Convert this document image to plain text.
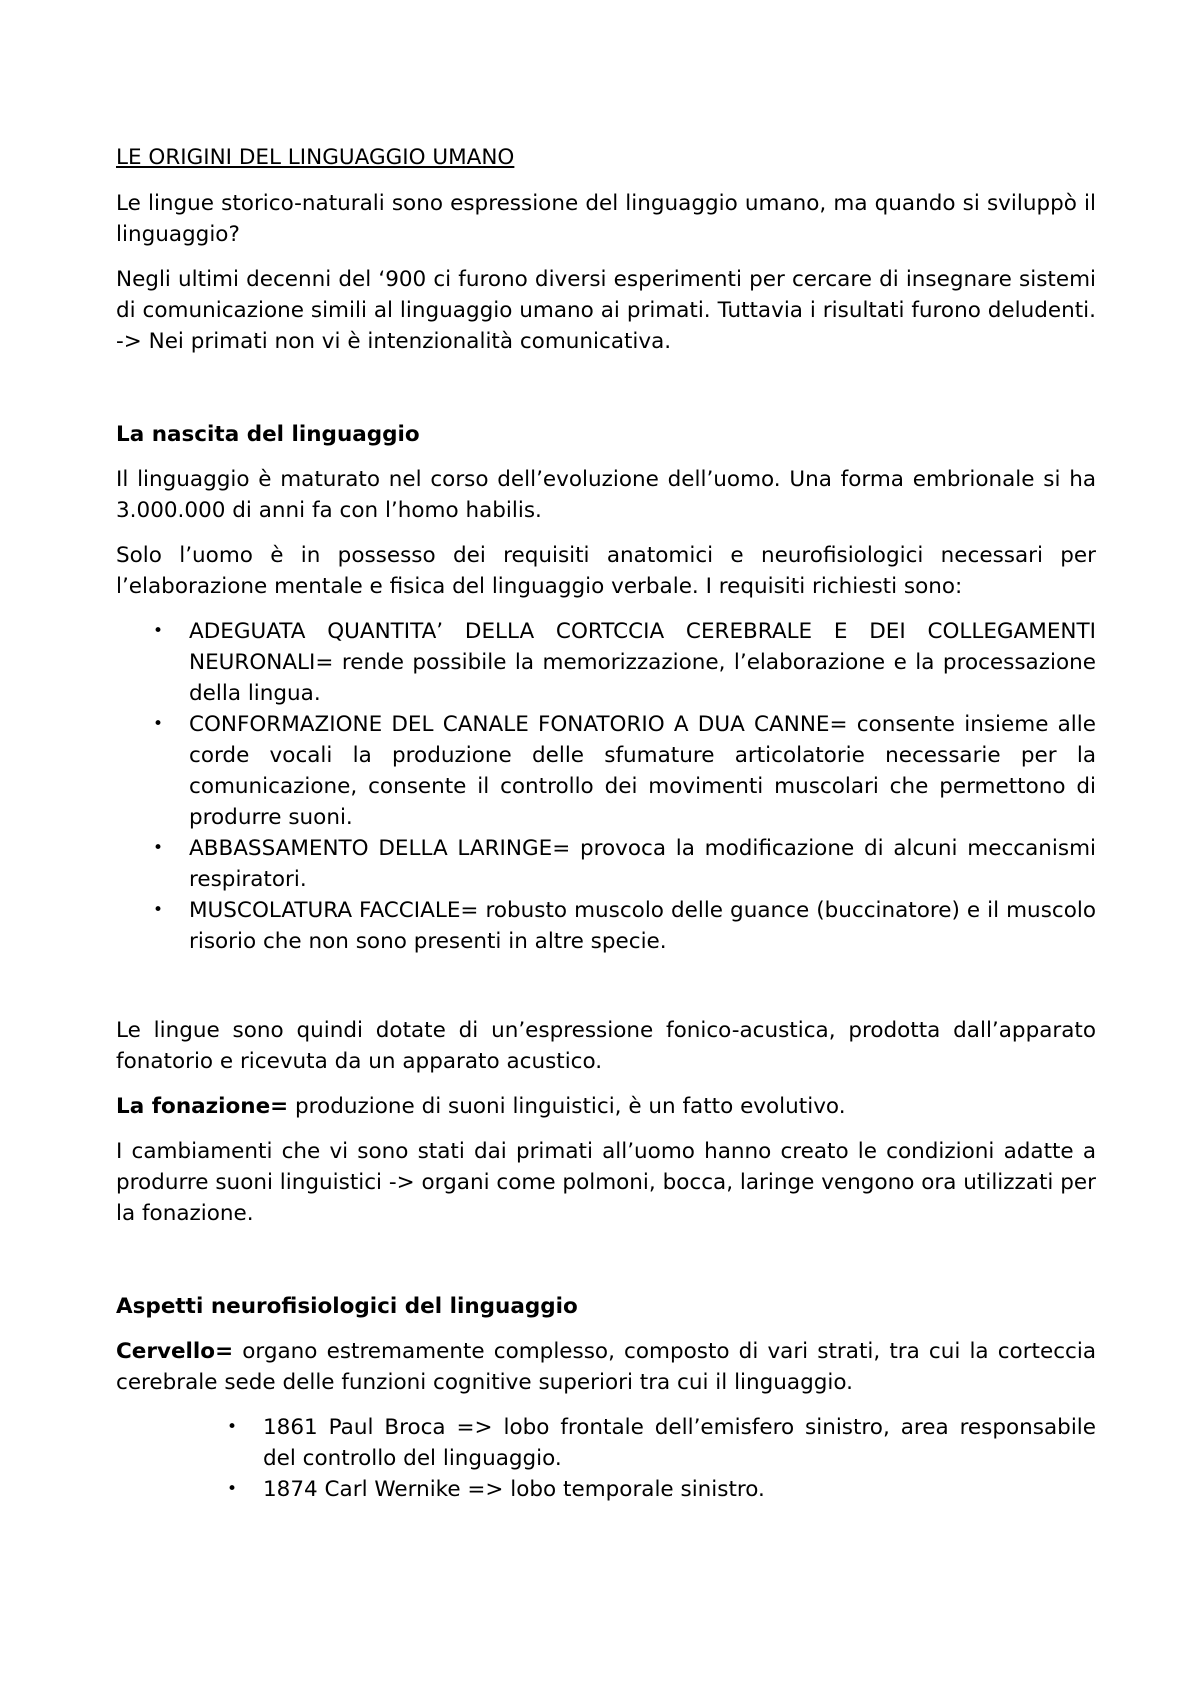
LE ORIGINI DEL LINGUAGGIO UMANO

Le lingue storico-naturali sono espressione del linguaggio umano, ma quando si sviluppò il linguaggio?

Negli ultimi decenni del ‘900 ci furono diversi esperimenti per cercare di insegnare sistemi di comunicazione simili al linguaggio umano ai primati. Tuttavia i risultati furono deludenti. -> Nei primati non vi è intenzionalità comunicativa.

La nascita del linguaggio

Il linguaggio è maturato nel corso dell’evoluzione dell’uomo. Una forma embrionale si ha 3.000.000 di anni fa con l’homo habilis.

Solo l’uomo è in possesso dei requisiti anatomici e neurofisiologici necessari per l’elaborazione mentale e fisica del linguaggio verbale. I requisiti richiesti sono:

• ADEGUATA QUANTITA’ DELLA CORTCCIA CEREBRALE E DEI COLLEGAMENTI NEURONALI= rende possibile la memorizzazione, l’elaborazione e la processazione della lingua.
• CONFORMAZIONE DEL CANALE FONATORIO A DUA CANNE= consente insieme alle corde vocali la produzione delle sfumature articolatorie necessarie per la comunicazione, consente il controllo dei movimenti muscolari che permettono di produrre suoni.
• ABBASSAMENTO DELLA LARINGE= provoca la modificazione di alcuni meccanismi respiratori.
• MUSCOLATURA FACCIALE= robusto muscolo delle guance (buccinatore) e il muscolo risorio che non sono presenti in altre specie.

Le lingue sono quindi dotate di un’espressione fonico-acustica, prodotta dall’apparato fonatorio e ricevuta da un apparato acustico.

La fonazione= produzione di suoni linguistici, è un fatto evolutivo.

I cambiamenti che vi sono stati dai primati all’uomo hanno creato le condizioni adatte a produrre suoni linguistici -> organi come polmoni, bocca, laringe vengono ora utilizzati per la fonazione.

Aspetti neurofisiologici del linguaggio

Cervello= organo estremamente complesso, composto di vari strati, tra cui la corteccia cerebrale sede delle funzioni cognitive superiori tra cui il linguaggio.

• 1861 Paul Broca => lobo frontale dell’emisfero sinistro, area responsabile del controllo del linguaggio.
• 1874 Carl Wernike => lobo temporale sinistro.
